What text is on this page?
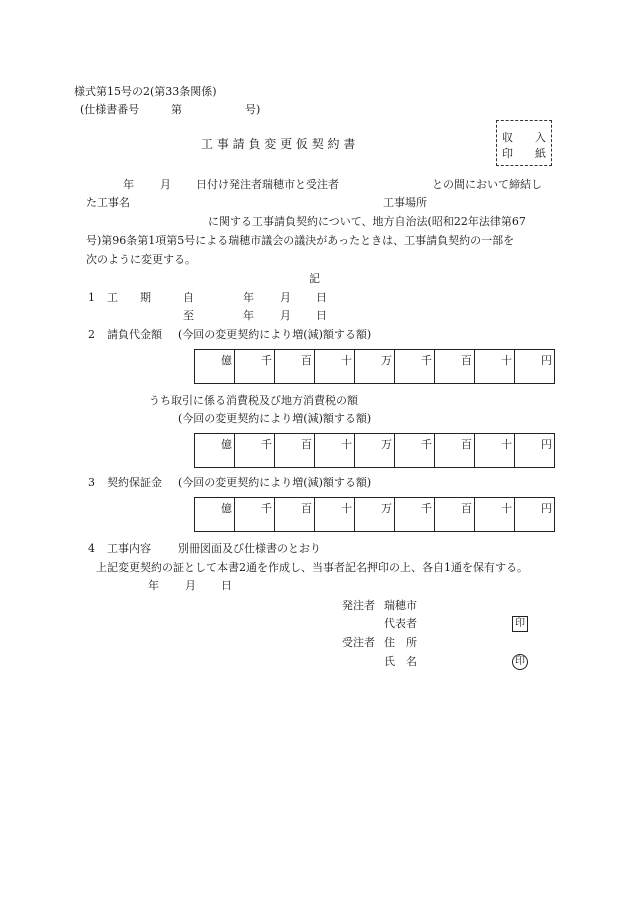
様式第15号の2(第33条関係)
(仕様書番号	第	号)
工 事 請 負 変 更 仮 契 約 書	収 入
印 紙
年 月 日付け発注者瑞穂市と受注者	との間において締結し
た工事名	工事場所
に関する工事請負契約について、地方自治法(昭和22年法律第67
号)第96条第1項第5号による瑞穂市議会の議決があったときは、工事請負契約の一部を
次のように変更する。
記
1 工　　期	自	年 月 日
至	年 月 日
2 請負代金額 (今回の変更契約により増(減)額する額)
億	千	百	十	万	千	百	十	円
うち取引に係る消費税及び地方消費税の額
(今回の変更契約により増(減)額する額)
億	千	百	十	万	千	百	十	円
3 契約保証金 (今回の変更契約により増(減)額する額)
億	千	百	十	万	千	百	十	円
4 工事内容 別冊図面及び仕様書のとおり
上記変更契約の証として本書2通を作成し、当事者記名押印の上、各自1通を保有する。
年 月 日
発注者 瑞穂市
代表者	印
受注者 住　所
氏　名	印
